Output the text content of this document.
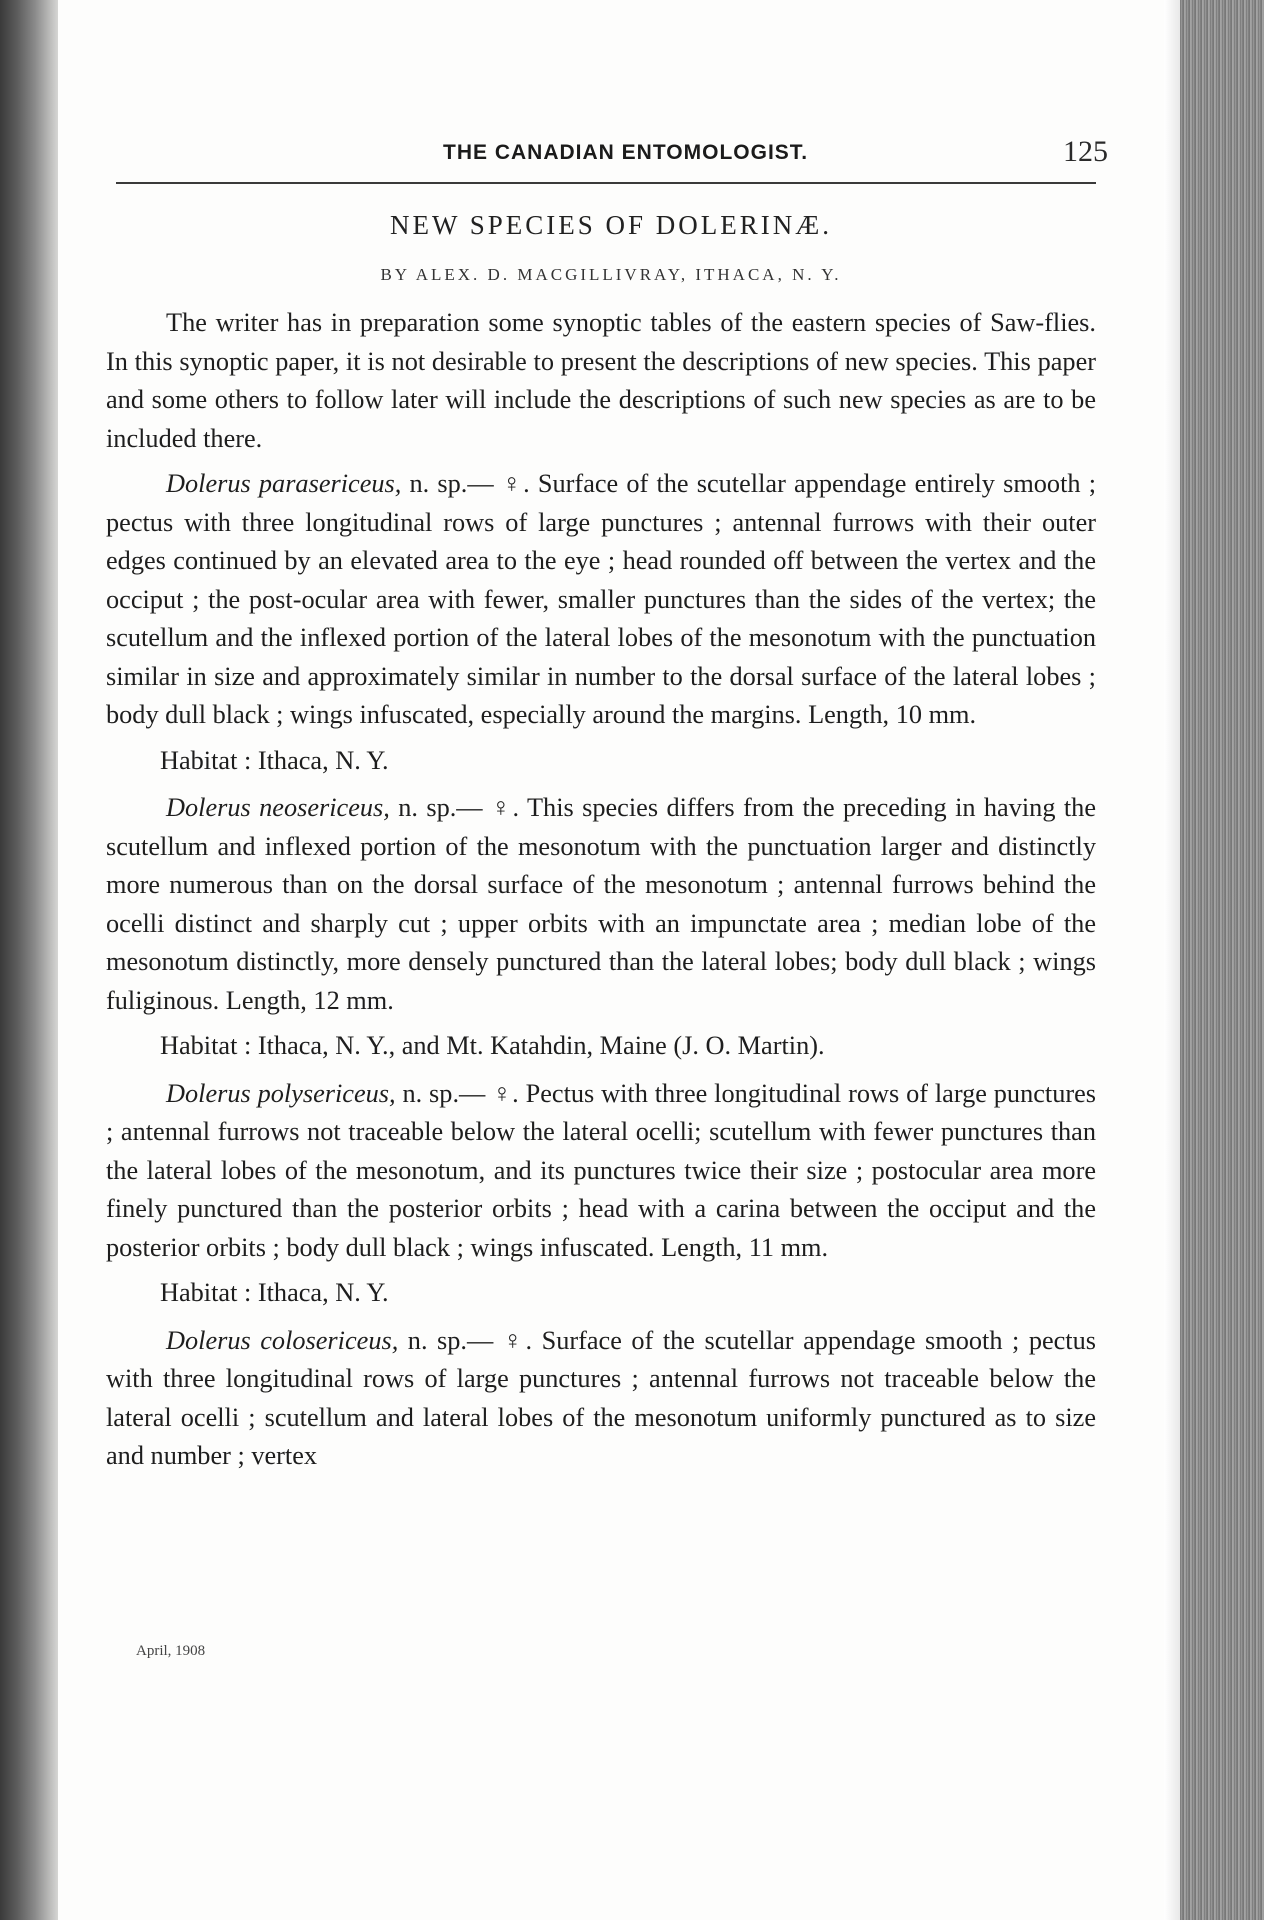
THE CANADIAN ENTOMOLOGIST.	125
NEW SPECIES OF DOLERINÆ.
BY ALEX. D. MACGILLIVRAY, ITHACA, N. Y.

The writer has in preparation some synoptic tables of the eastern species of Saw-flies. In this synoptic paper, it is not desirable to present the descriptions of new species. This paper and some others to follow later will include the descriptions of such new species as are to be included there.

Dolerus parasericeus, n. sp.— ♀. Surface of the scutellar appendage entirely smooth ; pectus with three longitudinal rows of large punctures ; antennal furrows with their outer edges continued by an elevated area to the eye ; head rounded off between the vertex and the occiput ; the post-ocular area with fewer, smaller punctures than the sides of the vertex; the scutellum and the inflexed portion of the lateral lobes of the mesonotum with the punctuation similar in size and approximately similar in number to the dorsal surface of the lateral lobes ; body dull black ; wings infuscated, especially around the margins. Length, 10 mm.

Habitat : Ithaca, N. Y.

Dolerus neosericeus, n. sp.— ♀. This species differs from the preceding in having the scutellum and inflexed portion of the mesonotum with the punctuation larger and distinctly more numerous than on the dorsal surface of the mesonotum ; antennal furrows behind the ocelli distinct and sharply cut ; upper orbits with an impunctate area ; median lobe of the mesonotum distinctly, more densely punctured than the lateral lobes; body dull black ; wings fuliginous. Length, 12 mm.

Habitat : Ithaca, N. Y., and Mt. Katahdin, Maine (J. O. Martin).

Dolerus polysericeus, n. sp.— ♀. Pectus with three longitudinal rows of large punctures ; antennal furrows not traceable below the lateral ocelli; scutellum with fewer punctures than the lateral lobes of the mesonotum, and its punctures twice their size ; postocular area more finely punctured than the posterior orbits ; head with a carina between the occiput and the posterior orbits ; body dull black ; wings infuscated. Length, 11 mm.

Habitat : Ithaca, N. Y.

Dolerus colosericeus, n. sp.— ♀. Surface of the scutellar appendage smooth ; pectus with three longitudinal rows of large punctures ; antennal furrows not traceable below the lateral ocelli ; scutellum and lateral lobes of the mesonotum uniformly punctured as to size and number ; vertex

April, 1908
